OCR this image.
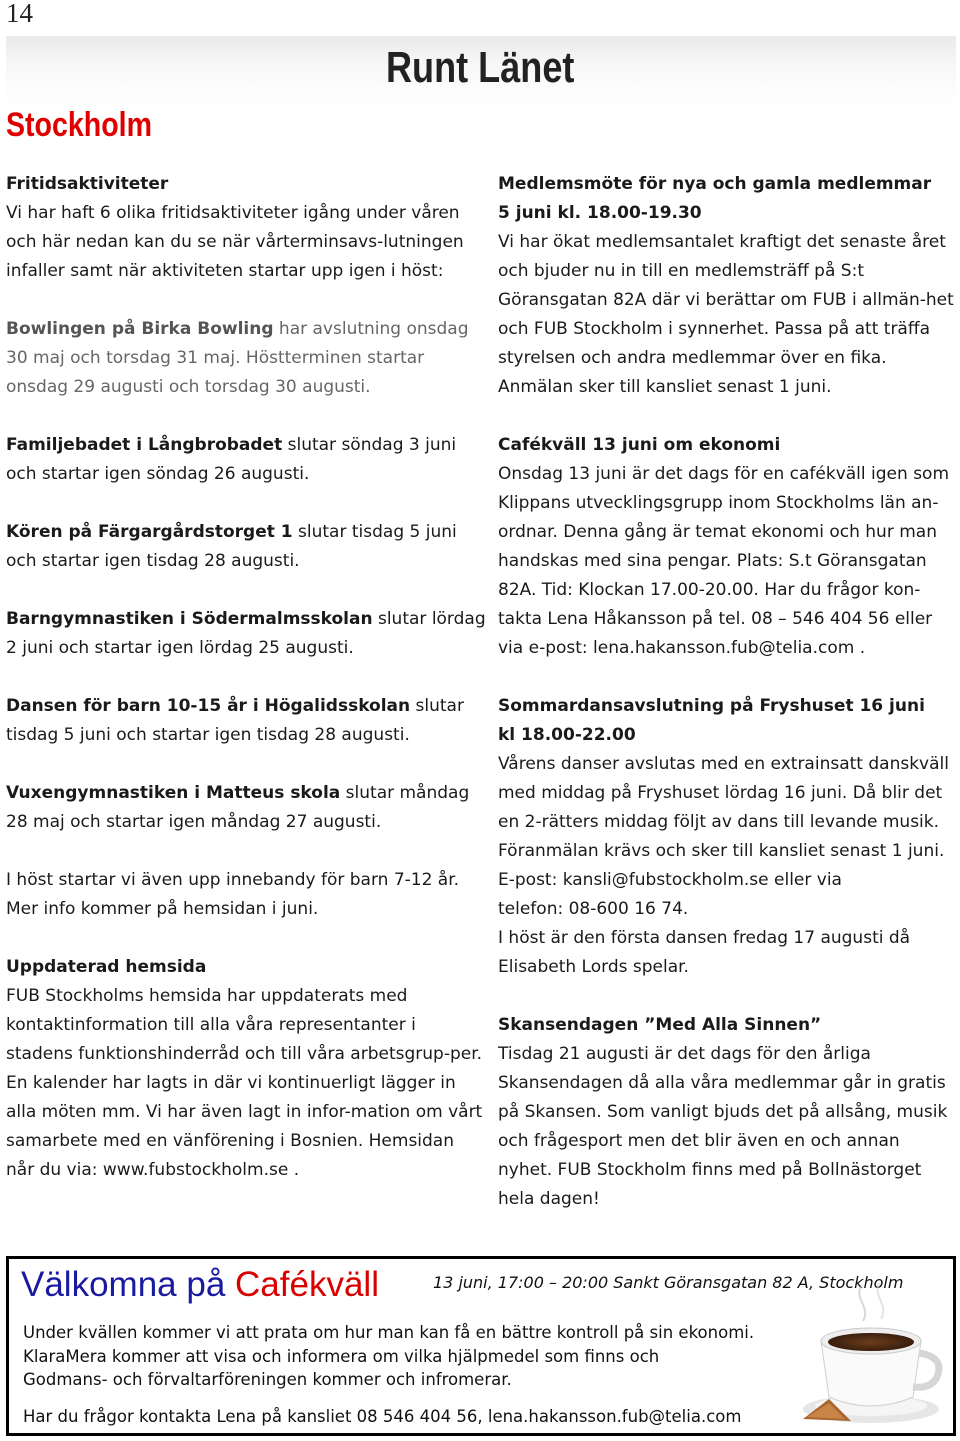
14
Runt Länet
Stockholm

Fritidsaktiviteter
Vi har haft 6 olika fritidsaktiviteter igång under våren och här nedan kan du se när vårterminsavs-lutningen infaller samt när aktiviteten startar upp igen i höst:

Bowlingen på Birka Bowling har avslutning onsdag 30 maj och torsdag 31 maj. Höstterminen startar onsdag 29 augusti och torsdag 30 augusti.

Familjebadet i Långbrobadet slutar söndag 3 juni och startar igen söndag 26 augusti.

Kören på Färgargårdstorget 1 slutar tisdag 5 juni och startar igen tisdag 28 augusti.

Barngymnastiken i Södermalmsskolan slutar lördag 2 juni och startar igen lördag 25 augusti.

Dansen för barn 10-15 år i Högalidsskolan slutar tisdag 5 juni och startar igen tisdag 28 augusti.

Vuxengymnastiken i Matteus skola slutar måndag 28 maj och startar igen måndag 27 augusti.

I höst startar vi även upp innebandy för barn 7-12 år. Mer info kommer på hemsidan i juni.

Uppdaterad hemsida
FUB Stockholms hemsida har uppdaterats med kontaktinformation till alla våra representanter i stadens funktionshinderråd och till våra arbetsgrup-per. En kalender har lagts in där vi kontinuerligt lägger in alla möten mm. Vi har även lagt in infor-mation om vårt samarbete med en vänförening i Bosnien. Hemsidan når du via: www.fubstockholm.se .

Medlemsmöte för nya och gamla medlemmar
5 juni kl. 18.00-19.30
Vi har ökat medlemsantalet kraftigt det senaste året och bjuder nu in till en medlemsträff på S:t Göransgatan 82A där vi berättar om FUB i allmän-het och FUB Stockholm i synnerhet. Passa på att träffa styrelsen och andra medlemmar över en fika. Anmälan sker till kansliet senast 1 juni.

Cafékväll 13 juni om ekonomi
Onsdag 13 juni är det dags för en cafékväll igen som Klippans utvecklingsgrupp inom Stockholms län an-ordnar. Denna gång är temat ekonomi och hur man handskas med sina pengar. Plats: S.t Göransgatan 82A. Tid: Klockan 17.00-20.00. Har du frågor kon-takta Lena Håkansson på tel. 08 – 546 404 56 eller via e-post: lena.hakansson.fub@telia.com .

Sommardansavslutning på Fryshuset 16 juni
kl 18.00-22.00
Vårens danser avslutas med en extrainsatt danskväll med middag på Fryshuset lördag 16 juni. Då blir det en 2-rätters middag följt av dans till levande musik. Föranmälan krävs och sker till kansliet senast 1 juni.
E-post: kansli@fubstockholm.se eller via
telefon: 08-600 16 74.
I höst är den första dansen fredag 17 augusti då Elisabeth Lords spelar.

Skansendagen ”Med Alla Sinnen”
Tisdag 21 augusti är det dags för den årliga Skansendagen då alla våra medlemmar går in gratis på Skansen. Som vanligt bjuds det på allsång, musik och frågesport men det blir även en och annan nyhet. FUB Stockholm finns med på Bollnästorget hela dagen!

Välkomna på Cafékväll	13 juni, 17:00 – 20:00 Sankt Göransgatan 82 A, Stockholm
Under kvällen kommer vi att prata om hur man kan få en bättre kontroll på sin ekonomi.
KlaraMera kommer att visa och informera om vilka hjälpmedel som finns och
Godmans- och förvaltarföreningen kommer och infromerar.
Har du frågor kontakta Lena på kansliet 08 546 404 56, lena.hakansson.fub@telia.com
